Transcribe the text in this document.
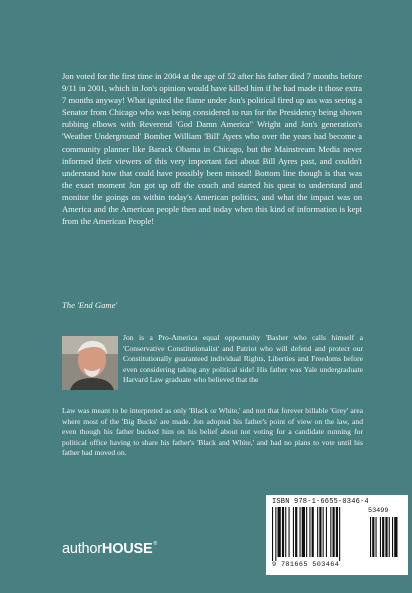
Jon voted for the first time in 2004 at the age of 52 after his father died 7 months before 9/11 in 2001, which in Jon's opinion would have killed him if he had made it those extra 7 months anyway! What ignited the flame under Jon's political fired up ass was seeing a Senator from Chicago who was being considered to run for the Presidency being shown rubbing elbows with Reverend 'God Damn America" Wright and Jon's generation's 'Weather Underground' Bomber William 'Bill' Ayers who over the years had become a community planner like Barack Obama in Chicago, but the Mainstream Media never informed their viewers of this very important fact about Bill Ayres past, and couldn't understand how that could have possibly been missed! Bottom line though is that was the exact moment Jon got up off the couch and started his quest to understand and monitor the goings on within today's American politics, and what the impact was on America and the American people then and today when this kind of information is kept from the American People!
The 'End Game'
Jon is a Pro-America equal opportunity 'Basher who calls himself a 'Conservative Constitutionalist' and Patriot who will defend and protect our Constitutionally guaranteed individual Rights, Liberties and Freedoms before even considering taking any political side! His father was Yale undergraduate Harvard Law graduate who believed that the
Law was meant to be interpreted as only 'Black or White,' and not that forever billable 'Grey' area where most of the 'Big Bucks' are made. Jon adopted his father's point of view on the law, and even though his father bucked him on his belief about not voting for a candidate running for political office having to share his father's 'Black and White,' and had no plans to vote until his father had moved on.
authorHOUSE®
ISBN 978-1-6655-0346-4
53499
9 781665 503464
